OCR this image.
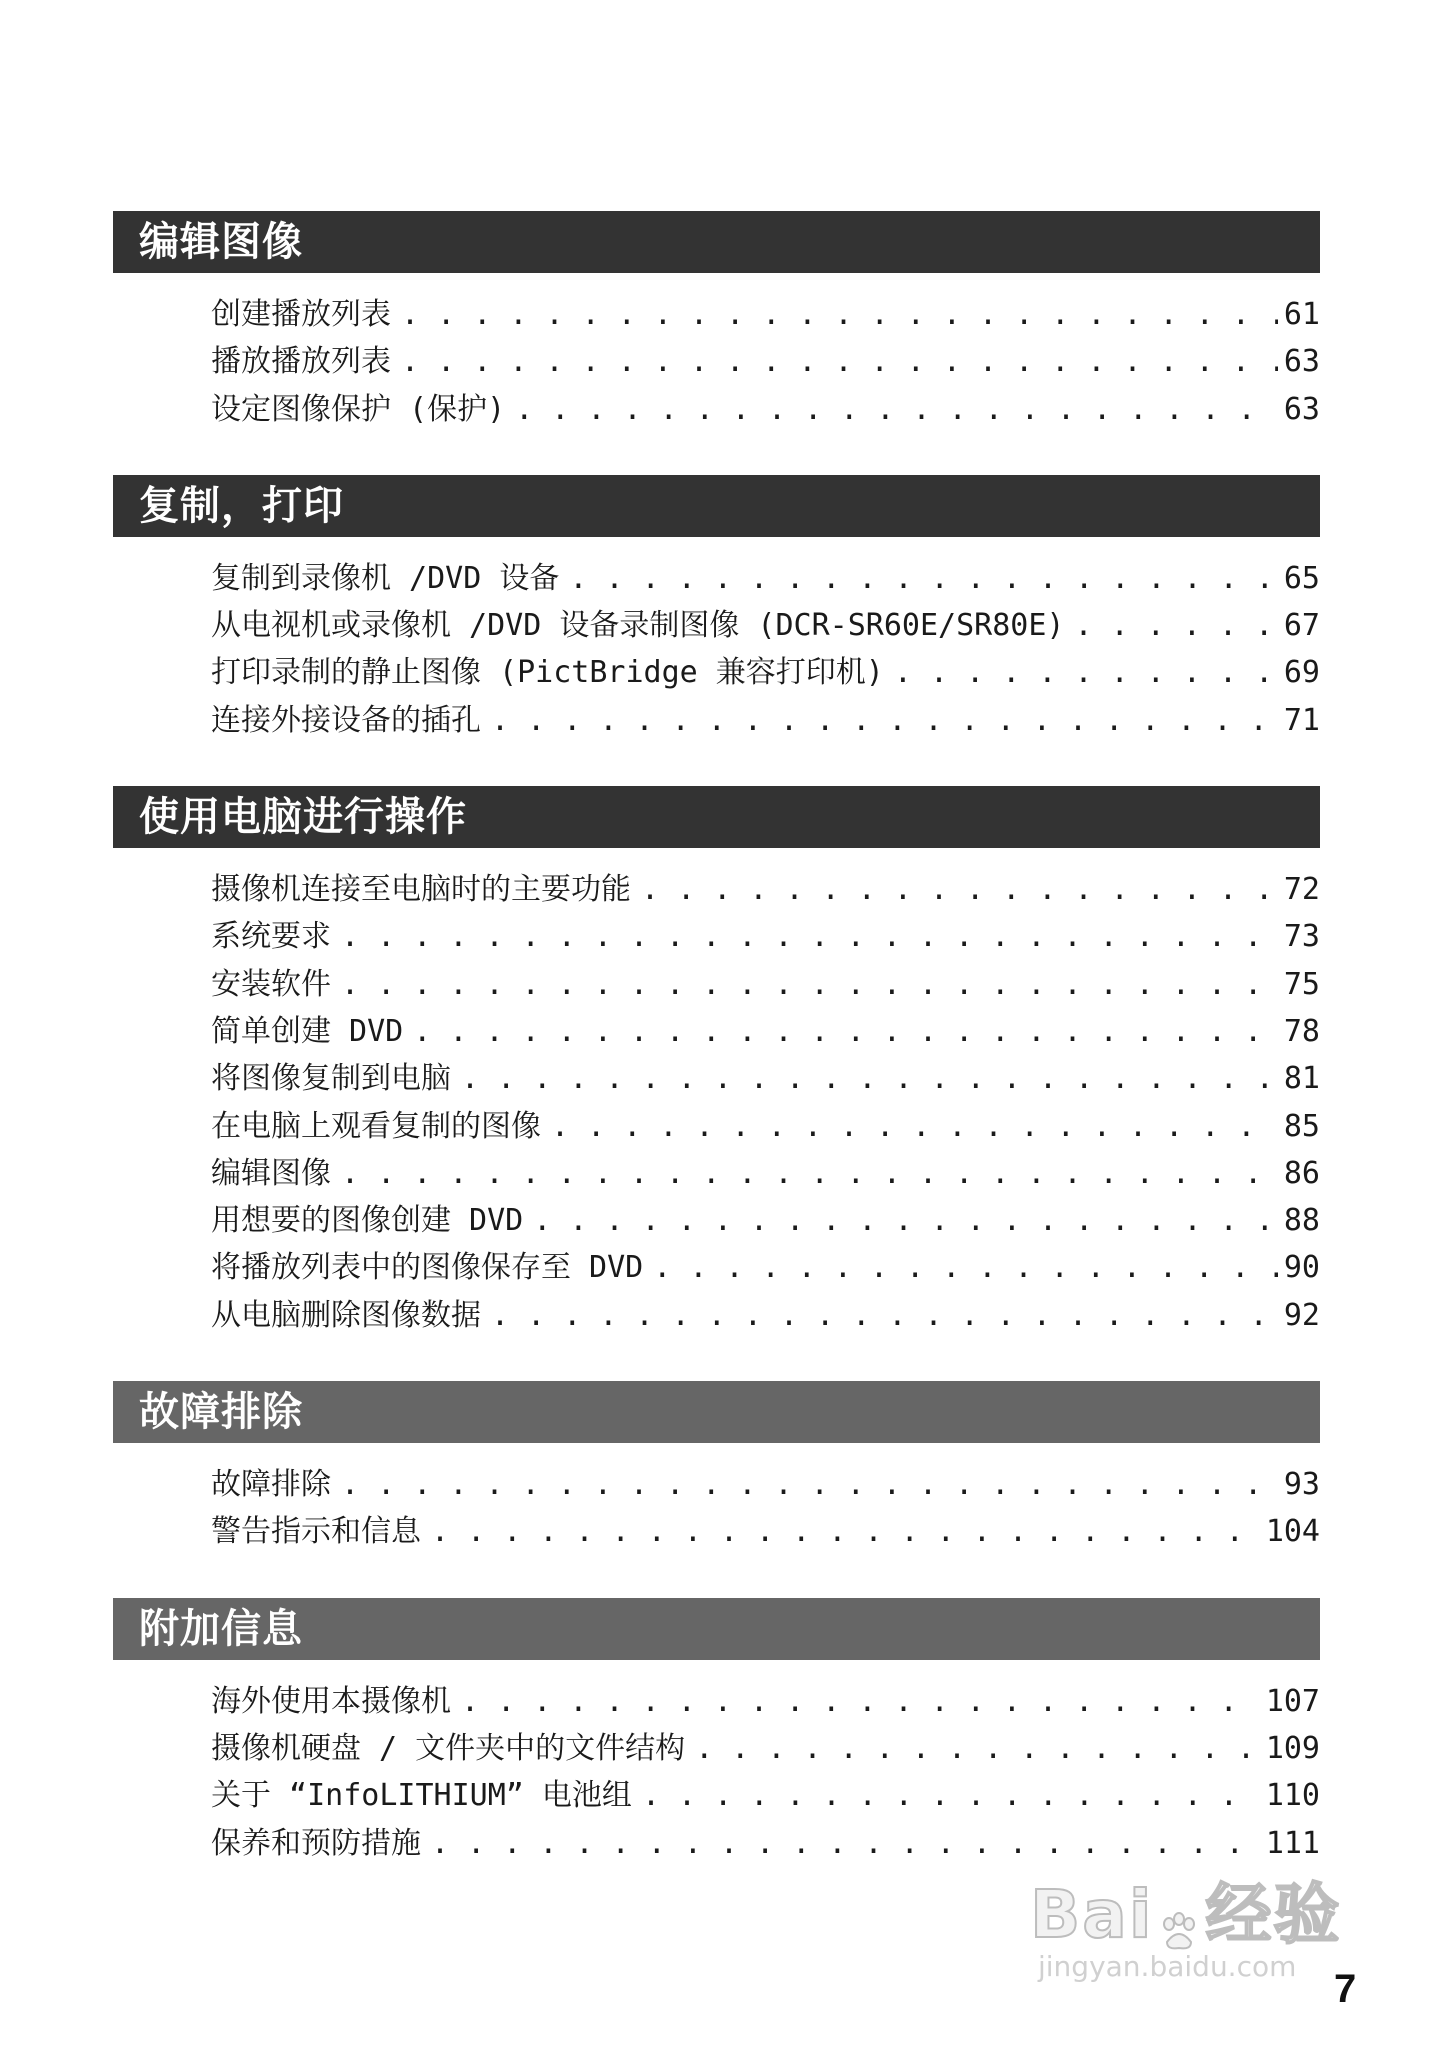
编辑图像
创建播放列表 . . .	61
播放播放列表 . . .	63
设定图像保护 (保护) . . .	63
复制，打印
复制到录像机 /DVD 设备 . . .	65
从电视机或录像机 /DVD 设备录制图像 (DCR-SR60E/SR80E) . . .	67
打印录制的静止图像 (PictBridge 兼容打印机) . . .	69
连接外接设备的插孔 . . .	71
使用电脑进行操作
摄像机连接至电脑时的主要功能 . . .	72
系统要求 . . .	73
安装软件 . . .	75
简单创建 DVD . . .	78
将图像复制到电脑 . . .	81
在电脑上观看复制的图像 . . .	85
编辑图像 . . .	86
用想要的图像创建 DVD . . .	88
将播放列表中的图像保存至 DVD . . .	90
从电脑删除图像数据 . . .	92
故障排除
故障排除 . . .	93
警告指示和信息 . . .	104
附加信息
海外使用本摄像机 . . .	107
摄像机硬盘 / 文件夹中的文件结构 . . .	109
关于 “InfoLITHIUM” 电池组 . . .	110
保养和预防措施 . . .	111
Bai 经验
jingyan.baidu.com
7
